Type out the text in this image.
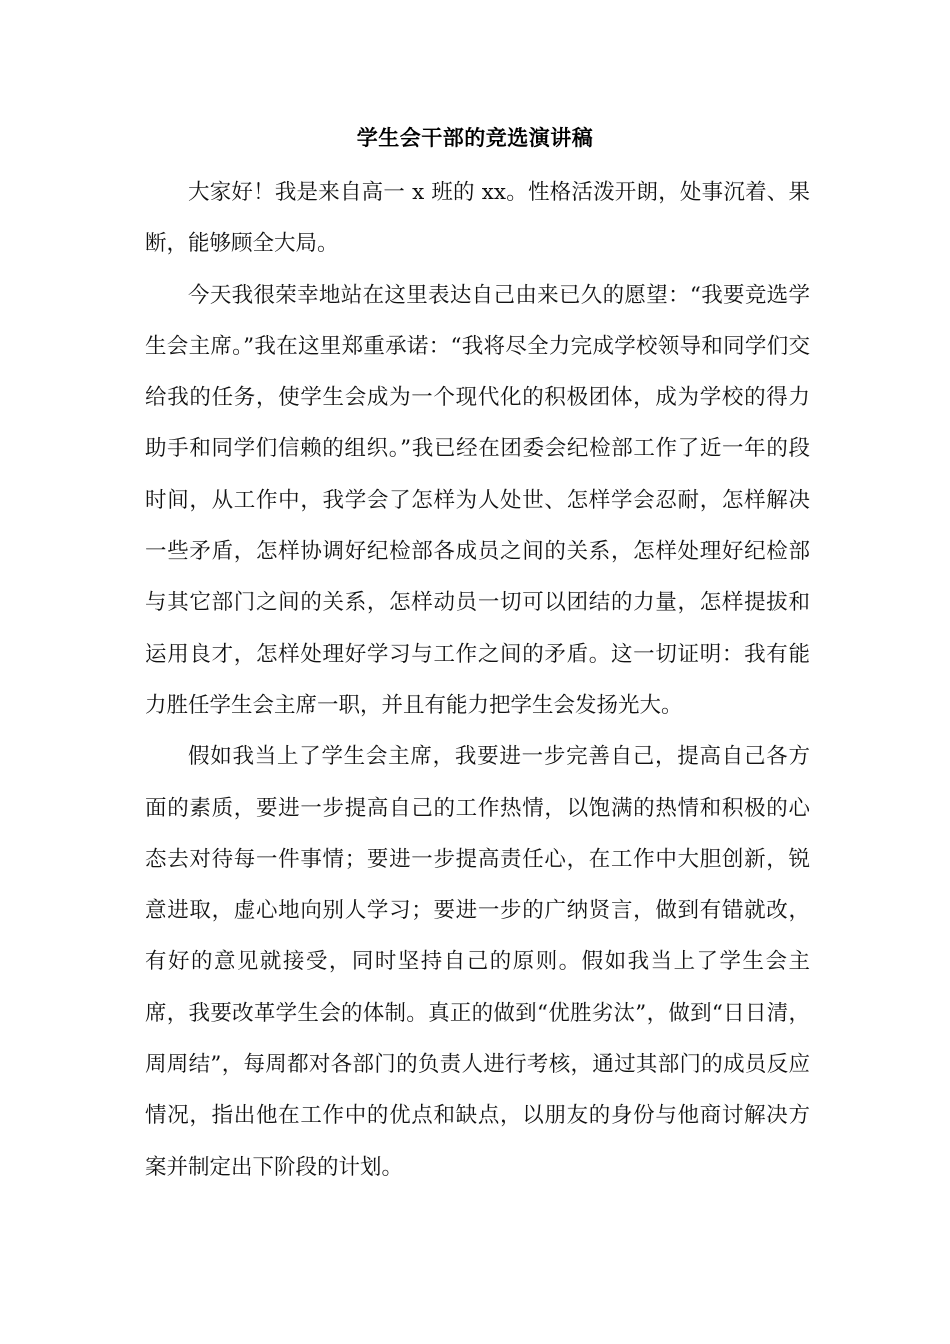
学生会干部的竞选演讲稿

大家好！我是来自高一 x 班的 xx。性格活泼开朗，处事沉着、果断，能够顾全大局。

今天我很荣幸地站在这里表达自己由来已久的愿望：“我要竞选学生会主席。”我在这里郑重承诺：“我将尽全力完成学校领导和同学们交给我的任务，使学生会成为一个现代化的积极团体，成为学校的得力助手和同学们信赖的组织。”我已经在团委会纪检部工作了近一年的段时间，从工作中，我学会了怎样为人处世、怎样学会忍耐，怎样解决一些矛盾，怎样协调好纪检部各成员之间的关系，怎样处理好纪检部与其它部门之间的关系，怎样动员一切可以团结的力量，怎样提拔和运用良才，怎样处理好学习与工作之间的矛盾。这一切证明：我有能力胜任学生会主席一职，并且有能力把学生会发扬光大。

假如我当上了学生会主席，我要进一步完善自己，提高自己各方面的素质，要进一步提高自己的工作热情，以饱满的热情和积极的心态去对待每一件事情；要进一步提高责任心，在工作中大胆创新，锐意进取，虚心地向别人学习；要进一步的广纳贤言，做到有错就改，有好的意见就接受，同时坚持自己的原则。假如我当上了学生会主席，我要改革学生会的体制。真正的做到“优胜劣汰”，做到“日日清，周周结”，每周都对各部门的负责人进行考核，通过其部门的成员反应情况，指出他在工作中的优点和缺点，以朋友的身份与他商讨解决方案并制定出下阶段的计划。
